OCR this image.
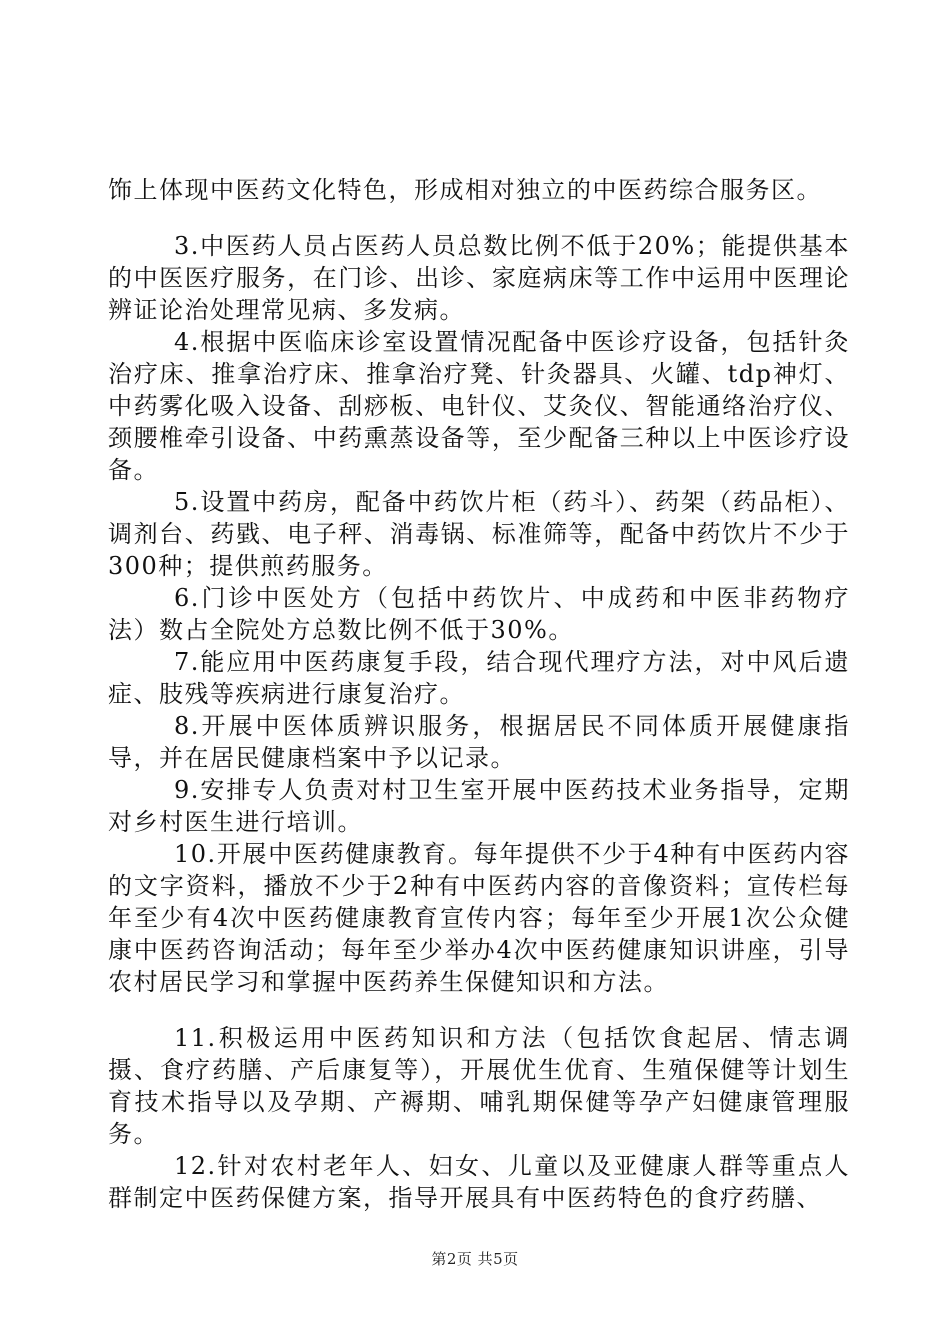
饰上体现中医药文化特色，形成相对独立的中医药综合服务区。

3.中医药人员占医药人员总数比例不低于20%；能提供基本的中医医疗服务，在门诊、出诊、家庭病床等工作中运用中医理论辨证论治处理常见病、多发病。

4.根据中医临床诊室设置情况配备中医诊疗设备，包括针灸治疗床、推拿治疗床、推拿治疗凳、针灸器具、火罐、tdp神灯、中药雾化吸入设备、刮痧板、电针仪、艾灸仪、智能通络治疗仪、颈腰椎牵引设备、中药熏蒸设备等，至少配备三种以上中医诊疗设备。

5.设置中药房，配备中药饮片柜（药斗）、药架（药品柜）、调剂台、药戥、电子秤、消毒锅、标准筛等，配备中药饮片不少于300种；提供煎药服务。

6.门诊中医处方（包括中药饮片、中成药和中医非药物疗法）数占全院处方总数比例不低于30%。

7.能应用中医药康复手段，结合现代理疗方法，对中风后遗症、肢残等疾病进行康复治疗。

8.开展中医体质辨识服务，根据居民不同体质开展健康指导，并在居民健康档案中予以记录。

9.安排专人负责对村卫生室开展中医药技术业务指导，定期对乡村医生进行培训。

10.开展中医药健康教育。每年提供不少于4种有中医药内容的文字资料，播放不少于2种有中医药内容的音像资料；宣传栏每年至少有4次中医药健康教育宣传内容；每年至少开展1次公众健康中医药咨询活动；每年至少举办4次中医药健康知识讲座，引导农村居民学习和掌握中医药养生保健知识和方法。

11.积极运用中医药知识和方法（包括饮食起居、情志调摄、食疗药膳、产后康复等），开展优生优育、生殖保健等计划生育技术指导以及孕期、产褥期、哺乳期保健等孕产妇健康管理服务。

12.针对农村老年人、妇女、儿童以及亚健康人群等重点人群制定中医药保健方案，指导开展具有中医药特色的食疗药膳、

第2页 共5页
